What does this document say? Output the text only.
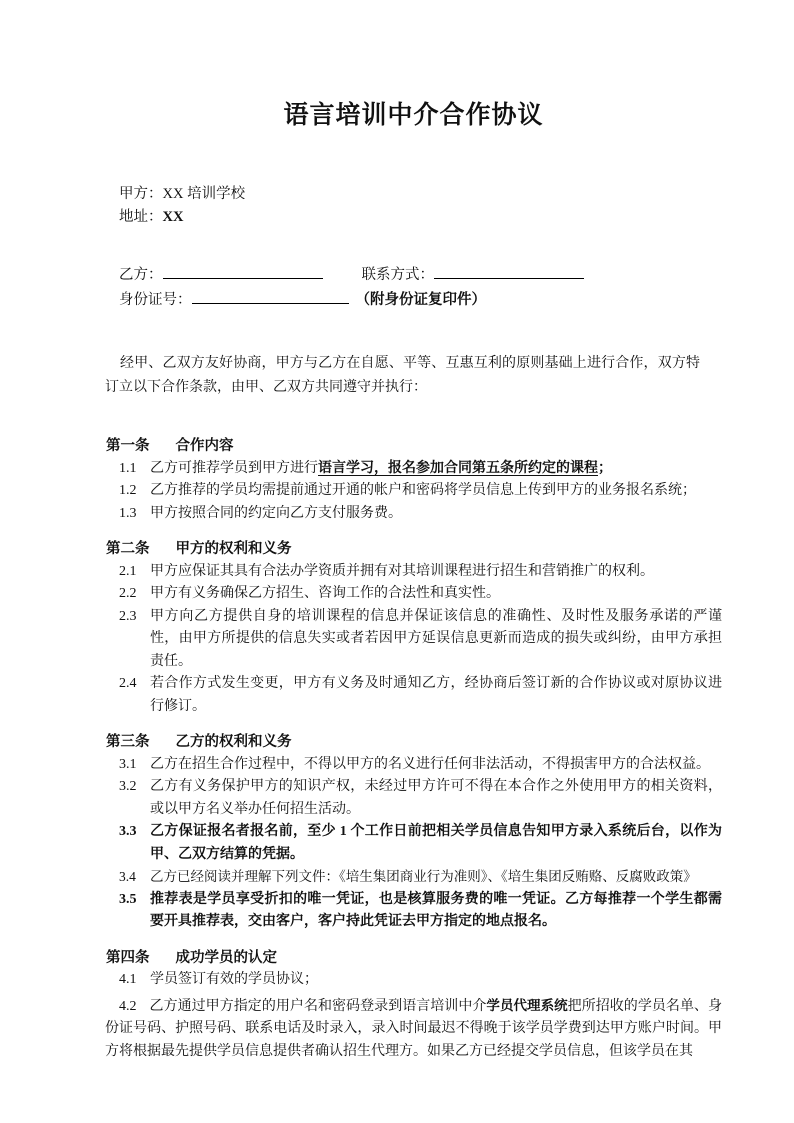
语言培训中介合作协议
甲方：XX 培训学校
地址：XX
乙方：	联系方式：
身份证号：	（附身份证复印件）

经甲、乙双方友好协商，甲方与乙方在自愿、平等、互惠互利的原则基础上进行合作，双方特订立以下合作条款，由甲、乙双方共同遵守并执行：

第一条 合作内容
1.1 乙方可推荐学员到甲方进行语言学习，报名参加合同第五条所约定的课程；
1.2 乙方推荐的学员均需提前通过开通的帐户和密码将学员信息上传到甲方的业务报名系统；
1.3 甲方按照合同的约定向乙方支付服务费。
第二条 甲方的权利和义务
2.1 甲方应保证其具有合法办学资质并拥有对其培训课程进行招生和营销推广的权利。
2.2 甲方有义务确保乙方招生、咨询工作的合法性和真实性。
2.3 甲方向乙方提供自身的培训课程的信息并保证该信息的准确性、及时性及服务承诺的严谨性，由甲方所提供的信息失实或者若因甲方延误信息更新而造成的损失或纠纷，由甲方承担责任。
2.4 若合作方式发生变更，甲方有义务及时通知乙方，经协商后签订新的合作协议或对原协议进行修订。
第三条 乙方的权利和义务
3.1 乙方在招生合作过程中，不得以甲方的名义进行任何非法活动，不得损害甲方的合法权益。
3.2 乙方有义务保护甲方的知识产权，未经过甲方许可不得在本合作之外使用甲方的相关资料，或以甲方名义举办任何招生活动。
3.3 乙方保证报名者报名前，至少 1 个工作日前把相关学员信息告知甲方录入系统后台，以作为甲、乙双方结算的凭据。
3.4 乙方已经阅读并理解下列文件：《培生集团商业行为准则》、《培生集团反贿赂、反腐败政策》
3.5 推荐表是学员享受折扣的唯一凭证，也是核算服务费的唯一凭证。乙方每推荐一个学生都需要开具推荐表，交由客户，客户持此凭证去甲方指定的地点报名。
第四条 成功学员的认定
4.1 学员签订有效的学员协议；
4.2 乙方通过甲方指定的用户名和密码登录到语言培训中介学员代理系统把所招收的学员名单、身份证号码、护照号码、联系电话及时录入，录入时间最迟不得晚于该学员学费到达甲方账户时间。甲方将根据最先提供学员信息提供者确认招生代理方。如果乙方已经提交学员信息，但该学员在其
